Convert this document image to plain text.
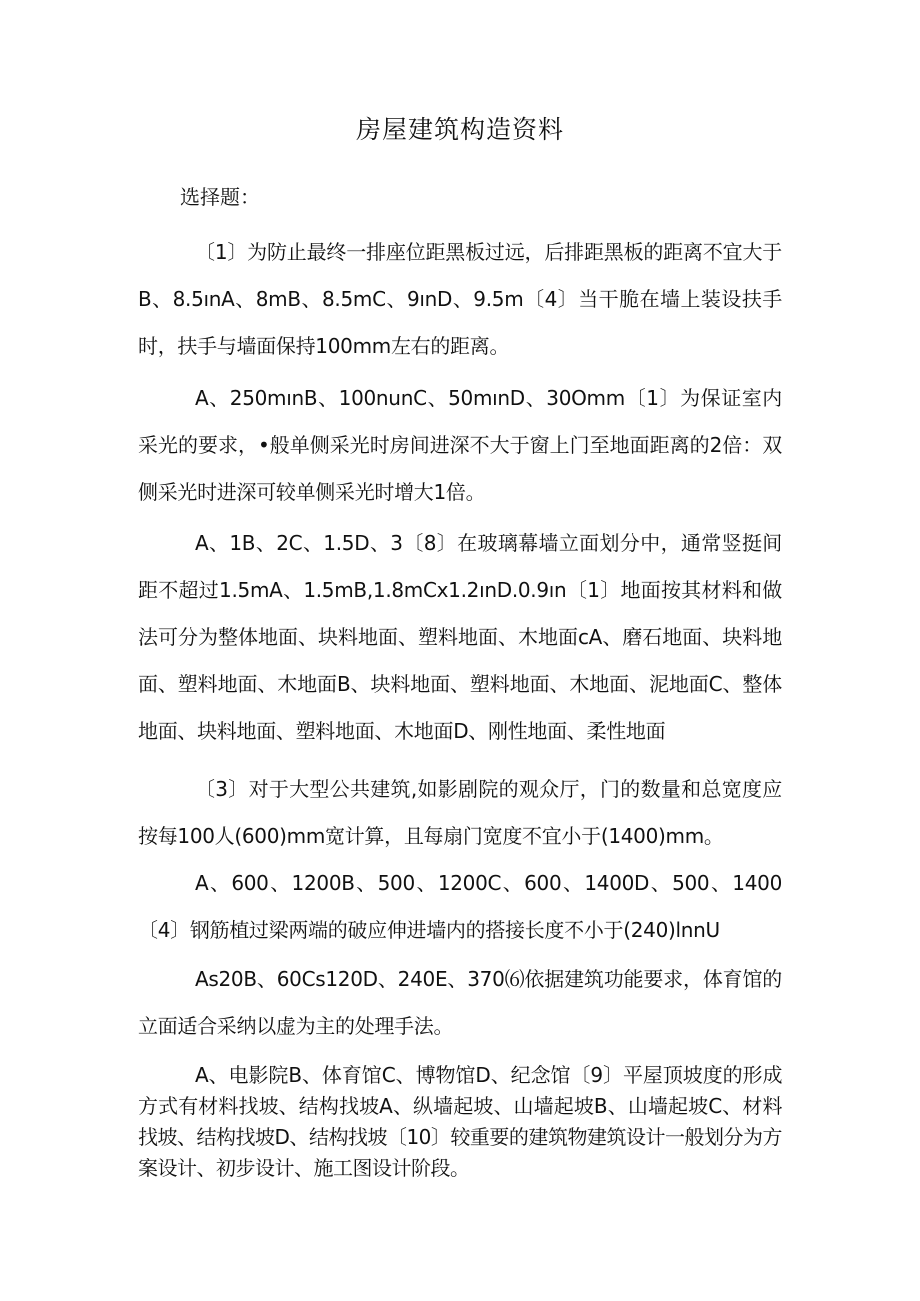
房屋建筑构造资料
选择题：
〔1〕为防止最终一排座位距黑板过远，后排距黑板的距离不宜大于B、8.5ınA、8mB、8.5mC、9ınD、9.5m〔4〕当干脆在墙上装设扶手时，扶手与墙面保持100mm左右的距离。
A、250mınB、100nunC、50mınD、30Omm〔1〕为保证室内采光的要求，•般单侧采光时房间进深不大于窗上门至地面距离的2倍：双侧采光时进深可较单侧采光时增大1倍。
A、1B、2C、1.5D、3〔8〕在玻璃幕墙立面划分中，通常竖挺间距不超过1.5mA、1.5mB,1.8mCx1.2ınD.0.9ın〔1〕地面按其材料和做法可分为整体地面、块料地面、塑料地面、木地面cA、磨石地面、块料地面、塑料地面、木地面B、块料地面、塑料地面、木地面、泥地面C、整体地面、块料地面、塑料地面、木地面D、刚性地面、柔性地面
〔3〕对于大型公共建筑,如影剧院的观众厅，门的数量和总宽度应按每100人(600)mm宽计算，且每扇门宽度不宜小于(1400)mm。
A、600、1200B、500、1200C、600、1400D、500、1400〔4〕钢筋植过梁两端的破应伸进墙内的搭接长度不小于(240)lnnU
As20B、60Cs120D、240E、370⑹依据建筑功能要求，体育馆的立面适合采纳以虚为主的处理手法。
A、电影院B、体育馆C、博物馆D、纪念馆〔9〕平屋顶坡度的形成方式有材料找坡、结构找坡A、纵墙起坡、山墙起坡B、山墙起坡C、材料找坡、结构找坡D、结构找坡〔10〕较重要的建筑物建筑设计一般划分为方案设计、初步设计、施工图设计阶段。
